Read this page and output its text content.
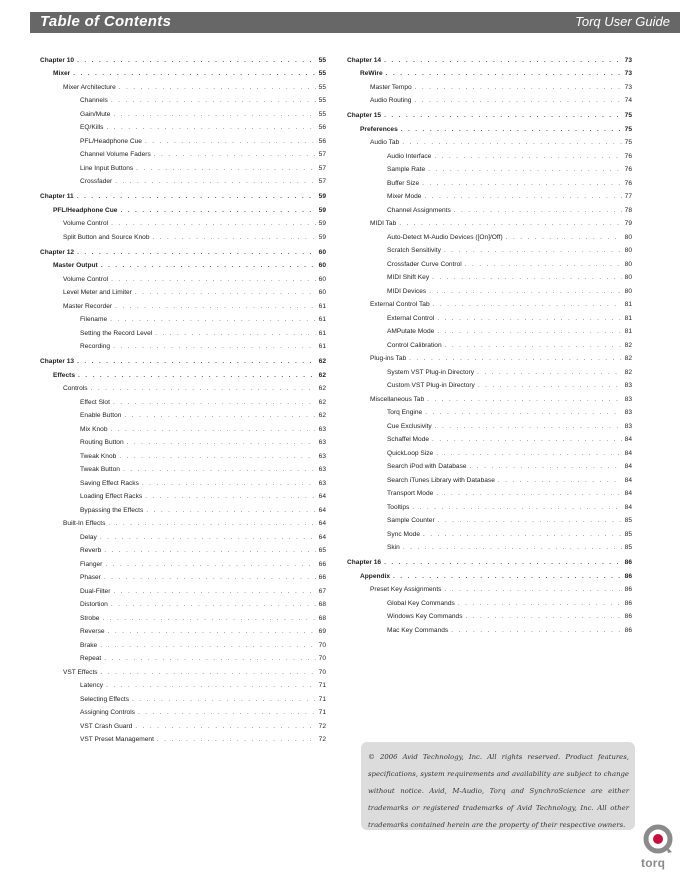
Table of Contents	Torq User Guide
Chapter 10 . . .	55
Mixer . . .	55
Mixer Architecture . . .	55
Channels . . .	55
Gain/Mute . . .	55
EQ/Kills . . .	56
PFL/Headphone Cue . . .	56
Channel Volume Faders . . .	57
Line Input Buttons . . .	57
Crossfader . . .	57
Chapter 11 . . .	59
PFL/Headphone Cue . . .	59
Volume Control . . .	59
Split Button and Source Knob . . .	59
Chapter 12 . . .	60
Master Output . . .	60
Volume Control . . .	60
Level Meter and Limiter . . .	60
Master Recorder . . .	61
Filename . . .	61
Setting the Record Level . . .	61
Recording . . .	61
Chapter 13 . . .	62
Effects . . .	62
Controls . . .	62
Effect Slot . . .	62
Enable Button . . .	62
Mix Knob . . .	63
Routing Button . . .	63
Tweak Knob . . .	63
Tweak Button . . .	63
Saving Effect Racks . . .	63
Loading Effect Racks . . .	64
Bypassing the Effects . . .	64
Built-In Effects . . .	64
Delay . . .	64
Reverb . . .	65
Flanger . . .	66
Phaser . . .	66
Dual-Filter . . .	67
Distortion . . .	68
Strobe . . .	68
Reverse . . .	69
Brake . . .	70
Repeat . . .	70
VST Effects . . .	70
Latency . . .	71
Selecting Effects . . .	71
Assigning Controls . . .	71
VST Crash Guard . . .	72
VST Preset Management . . .	72
Chapter 14 . . .	73
ReWire . . .	73
Master Tempo . . .	73
Audio Routing . . .	74
Chapter 15 . . .	75
Preferences . . .	75
Audio Tab . . .	75
Audio Interface . . .	76
Sample Rate . . .	76
Buffer Size . . .	76
Mixer Mode . . .	77
Channel Assignments . . .	78
MIDI Tab . . .	79
Auto-Detect M-Audio Devices ([On]/Off) . . .	80
Scratch Sensitivity . . .	80
Crossfader Curve Control . . .	80
MIDI Shift Key . . .	80
MIDI Devices . . .	80
External Control Tab . . .	81
External Control . . .	81
AMPutate Mode . . .	81
Control Calibration . . .	82
Plug-ins Tab . . .	82
System VST Plug-in Directory . . .	82
Custom VST Plug-in Directory . . .	83
Miscellaneous Tab . . .	83
Torq Engine . . .	83
Cue Exclusivity . . .	83
Schaffel Mode . . .	84
QuickLoop Size . . .	84
Search iPod with Database . . .	84
Search iTunes Library with Database . . .	84
Transport Mode . . .	84
Tooltips . . .	84
Sample Counter . . .	85
Sync Mode . . .	85
Skin . . .	85
Chapter 16 . . .	86
Appendix . . .	86
Preset Key Assignments . . .	86
Global Key Commands . . .	86
Windows Key Commands . . .	86
Mac Key Commands . . .	86
© 2006 Avid Technology, Inc. All rights reserved. Product features, specifications, system requirements and availability are subject to change without notice. Avid, M-Audio, Torq and SynchroScience are either trademarks or registered trademarks of Avid Technology, Inc. All other trademarks contained herein are the property of their respective owners.
torq
